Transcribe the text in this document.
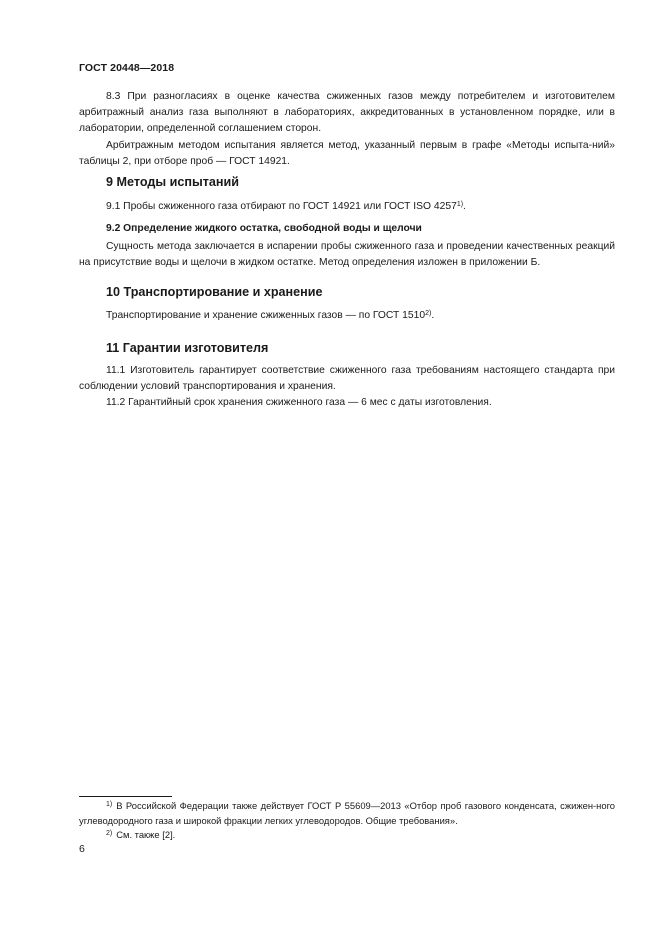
ГОСТ 20448—2018

8.3 При разногласиях в оценке качества сжиженных газов между потребителем и изготовителем арбитражный анализ газа выполняют в лабораториях, аккредитованных в установленном порядке, или в лаборатории, определенной соглашением сторон.

Арбитражным методом испытания является метод, указанный первым в графе «Методы испыта-ний» таблицы 2, при отборе проб — ГОСТ 14921.

9 Методы испытаний
9.1 Пробы сжиженного газа отбирают по ГОСТ 14921 или ГОСТ ISO 4257$^{1)}$.
9.2 Определение жидкого остатка, свободной воды и щелочи

Сущность метода заключается в испарении пробы сжиженного газа и проведении качественных реакций на присутствие воды и щелочи в жидком остатке. Метод определения изложен в приложении Б.

10 Транспортирование и хранение
Транспортирование и хранение сжиженных газов — по ГОСТ 1510$^{2)}$.
11 Гарантии изготовителя

11.1 Изготовитель гарантирует соответствие сжиженного газа требованиям настоящего стандарта при соблюдении условий транспортирования и хранения.

11.2 Гарантийный срок хранения сжиженного газа — 6 мес с даты изготовления.

$^{1)}$ В Российской Федерации также действует ГОСТ Р 55609—2013 «Отбор проб газового конденсата, сжижен-ного углеводородного газа и широкой фракции легких углеводородов. Общие требования».

$^{2)}$ См. также [2].

6
